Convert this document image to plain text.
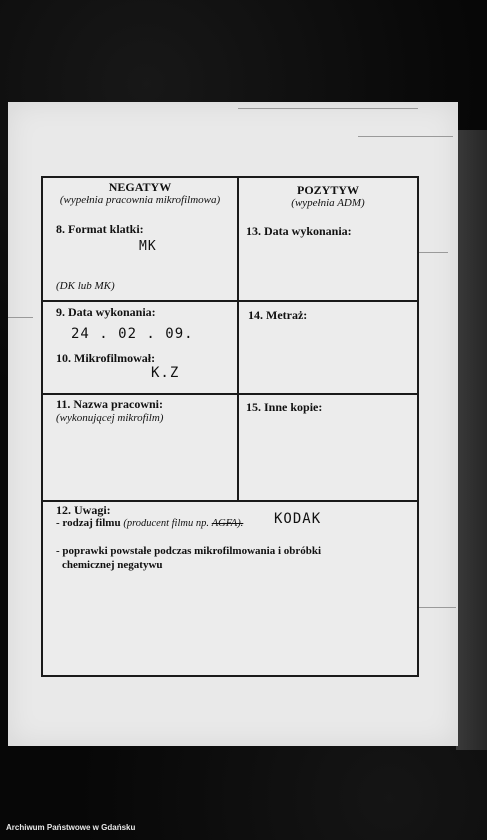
NEGATYW
(wypełnia pracownia mikrofilmowa)
POZYTYW
(wypełnia ADM)
8. Format klatki:
MK
(DK lub MK)
13. Data wykonania:
9. Data wykonania:
24 . 02 . 09.
14. Metraż:
10. Mikrofilmował:
K.Z
11. Nazwa pracowni:
(wykonującej mikrofilm)
15. Inne kopie:
12. Uwagi:
- rodzaj filmu (producent filmu np. AGFA). KODAK
- poprawki powstałe podczas mikrofilmowania i obróbki
chemicznej negatywu
Archiwum Państwowe w Gdańsku
